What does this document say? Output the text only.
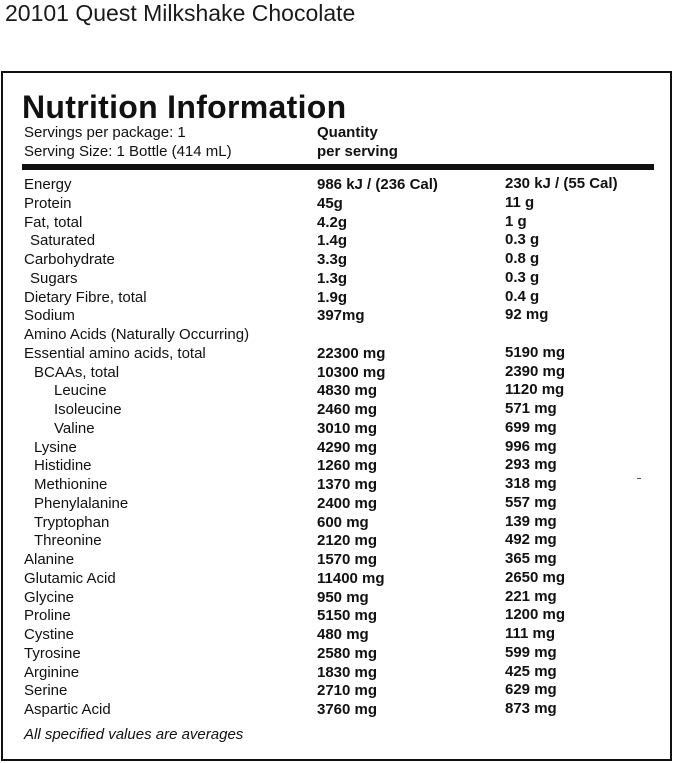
20101 Quest Milkshake Chocolate
Nutrition Information
Servings per package: 1
Serving Size: 1 Bottle (414 mL)
Quantity
per serving
Energy	986 kJ / (236 Cal)	230 kJ / (55 Cal)
Protein	45g	11 g
Fat, total	4.2g	1 g
Saturated	1.4g	0.3 g
Carbohydrate	3.3g	0.8 g
Sugars	1.3g	0.3 g
Dietary Fibre, total	1.9g	0.4 g
Sodium	397mg	92 mg
Amino Acids (Naturally Occurring)
Essential amino acids, total	22300 mg	5190 mg
BCAAs, total	10300 mg	2390 mg
Leucine	4830 mg	1120 mg
Isoleucine	2460 mg	571 mg
Valine	3010 mg	699 mg
Lysine	4290 mg	996 mg
Histidine	1260 mg	293 mg
Methionine	1370 mg	318 mg
Phenylalanine	2400 mg	557 mg
Tryptophan	600 mg	139 mg
Threonine	2120 mg	492 mg
Alanine	1570 mg	365 mg
Glutamic Acid	11400 mg	2650 mg
Glycine	950 mg	221 mg
Proline	5150 mg	1200 mg
Cystine	480 mg	111 mg
Tyrosine	2580 mg	599 mg
Arginine	1830 mg	425 mg
Serine	2710 mg	629 mg
Aspartic Acid	3760 mg	873 mg
All specified values are averages
